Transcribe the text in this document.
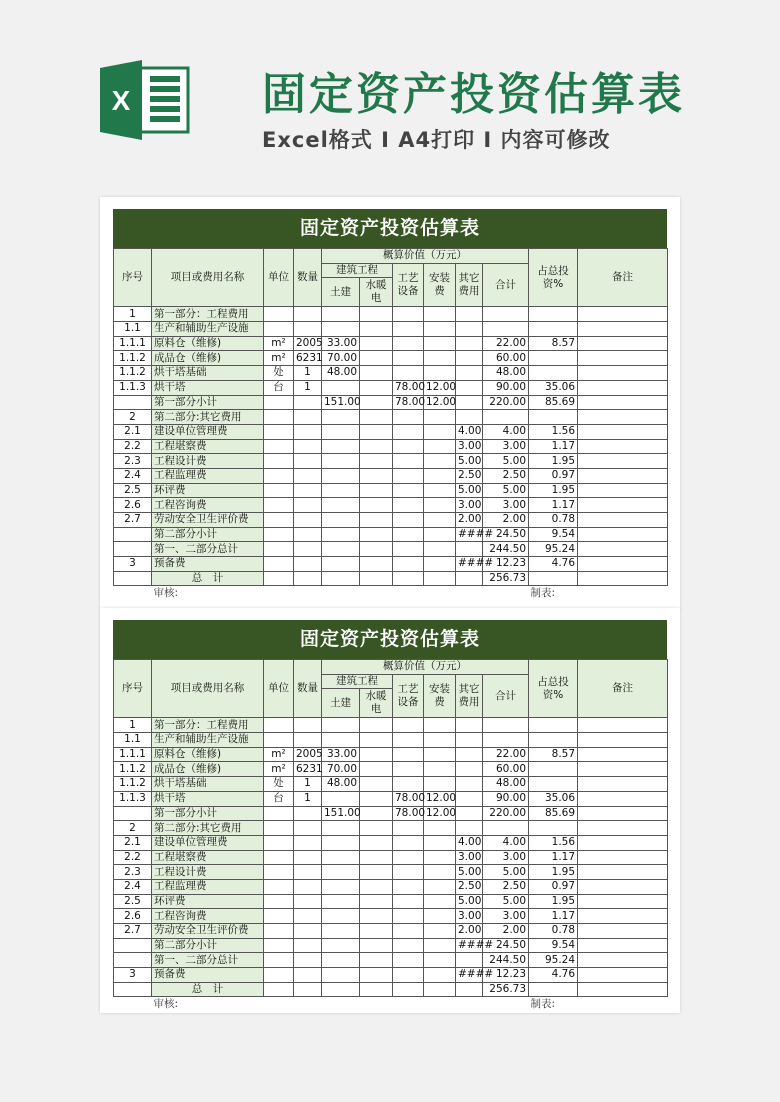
X	固定资产投资估算表
Excel格式 I A4打印 I 内容可修改
固定资产投资估算表
序号	项目或费用名称	单位	数量	概算价值（万元）						占总投资%	备注
				建筑工程		工艺设备	安装费	其它费用	合计		
				土建	水暖电						
1	第一部分：工程费用										
1.1	生产和辅助生产设施										
1.1.1	原料仓（维修)	m²	2005	33.00					22.00	8.57	
1.1.2	成品仓（维修)	m²	6231	70.00					60.00		
1.1.2	烘干塔基础	处	1	48.00					48.00		
1.1.3	烘干塔	台	1			78.00	12.00		90.00	35.06	
	第一部分小计			151.00		78.00	12.00		220.00	85.69	
2	第二部分:其它费用										
2.1	建设单位管理费							4.00	4.00	1.56	
2.2	工程堪察费							3.00	3.00	1.17	
2.3	工程设计费							5.00	5.00	1.95	
2.4	工程监理费							2.50	2.50	0.97	
2.5	环评费							5.00	5.00	1.95	
2.6	工程咨询费							3.00	3.00	1.17	
2.7	劳动安全卫生评价费							2.00	2.00	0.78	
	第二部分小计							####	24.50	9.54	
	第一、二部分总计								244.50	95.24	
3	预备费							####	12.23	4.76	
	总　计								256.73		
	审核:									制表:	
固定资产投资估算表
序号	项目或费用名称	单位	数量	概算价值（万元）						占总投资%	备注
				建筑工程		工艺设备	安装费	其它费用	合计		
				土建	水暖电						
1	第一部分：工程费用										
1.1	生产和辅助生产设施										
1.1.1	原料仓（维修)	m²	2005	33.00					22.00	8.57	
1.1.2	成品仓（维修)	m²	6231	70.00					60.00		
1.1.2	烘干塔基础	处	1	48.00					48.00		
1.1.3	烘干塔	台	1			78.00	12.00		90.00	35.06	
	第一部分小计			151.00		78.00	12.00		220.00	85.69	
2	第二部分:其它费用										
2.1	建设单位管理费							4.00	4.00	1.56	
2.2	工程堪察费							3.00	3.00	1.17	
2.3	工程设计费							5.00	5.00	1.95	
2.4	工程监理费							2.50	2.50	0.97	
2.5	环评费							5.00	5.00	1.95	
2.6	工程咨询费							3.00	3.00	1.17	
2.7	劳动安全卫生评价费							2.00	2.00	0.78	
	第二部分小计							####	24.50	9.54	
	第一、二部分总计								244.50	95.24	
3	预备费							####	12.23	4.76	
	总　计								256.73		
	审核:									制表:	
